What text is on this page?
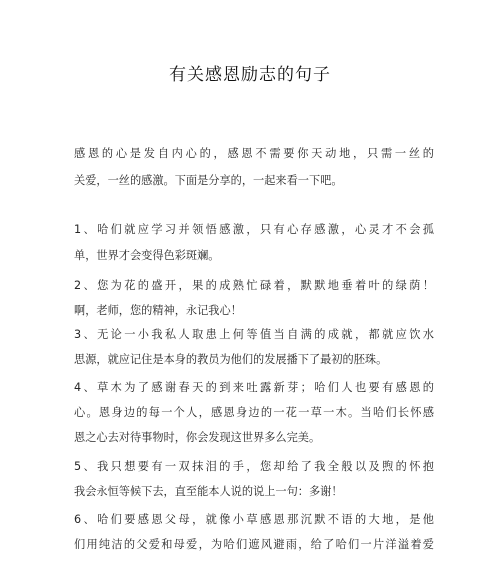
有关感恩励志的句子
感恩的心是发自内心的，感恩不需要你天动地，只需一丝的
关爱，一丝的感激。下面是分享的，一起来看一下吧。
1、哈们就应学习并领悟感激，只有心存感激，心灵才不会孤
单，世界才会变得色彩斑斓。
2、您为花的盛开，果的成熟忙碌着，默默地垂着叶的绿荫！
啊，老师，您的精神，永记我心！
3、无论一小我私人取患上何等值当自满的成就，都就应饮水
思源，就应记住是本身的教员为他们的发展播下了最初的胚珠。
4、草木为了感谢春天的到来吐露新芽；哈们人也要有感恩的
心。恩身边的每一个人，感恩身边的一花一草一木。当哈们长怀感
恩之心去对待事物时，你会发现这世界多么完美。
5、我只想要有一双抹泪的手，您却给了我全般以及煦的怀抱
我会永恒等候下去，直至能本人说的说上一句：多谢！
6、哈们要感恩父母，就像小草感恩那沉默不语的大地，是他
们用纯洁的父爱和母爱，为哈们遮风避雨，给了哈们一片洋溢着爱
